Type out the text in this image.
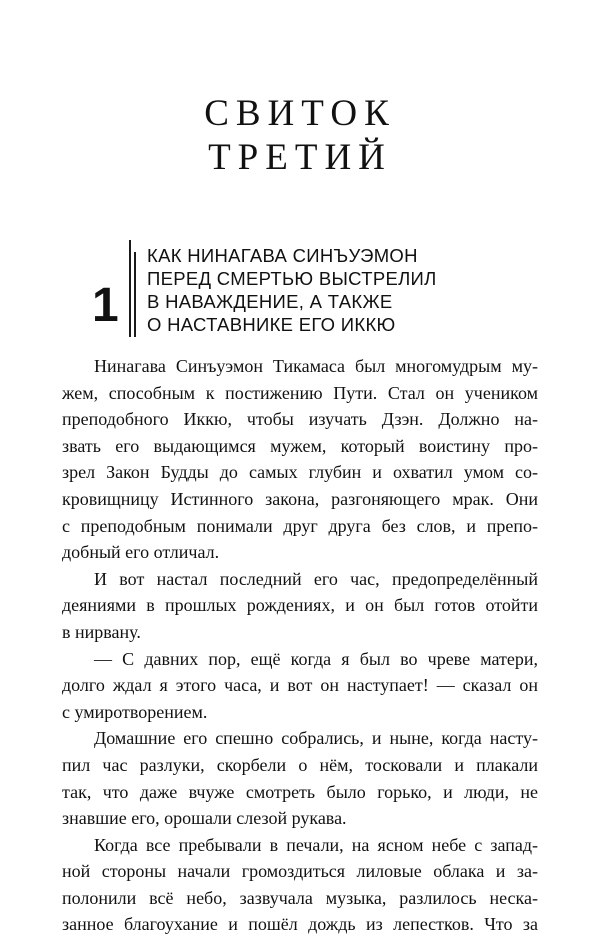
СВИТОК
ТРЕТИЙ
1
КАК НИНАГАВА СИНЪУЭМОН
ПЕРЕД СМЕРТЬЮ ВЫСТРЕЛИЛ
В НАВАЖДЕНИЕ, А ТАКЖЕ
О НАСТАВНИКЕ ЕГО ИККЮ
Нинагава Синъуэмон Тикамаса был многомудрым му-
жем, способным к постижению Пути. Стал он учеником
преподобного Иккю, чтобы изучать Дзэн. Должно на-
звать его выдающимся мужем, который воистину про-
зрел Закон Будды до самых глубин и охватил умом со-
кровищницу Истинного закона, разгоняющего мрак. Они
с преподобным понимали друг друга без слов, и препо-
добный его отличал.
И вот настал последний его час, предопределённый
деяниями в прошлых рождениях, и он был готов отойти
в нирвану.
— С давних пор, ещё когда я был во чреве матери,
долго ждал я этого часа, и вот он наступает! — сказал он
с умиротворением.
Домашние его спешно собрались, и ныне, когда насту-
пил час разлуки, скорбели о нём, тосковали и плакали
так, что даже вчуже смотреть было горько, и люди, не
знавшие его, орошали слезой рукава.
Когда все пребывали в печали, на ясном небе с запад-
ной стороны начали громоздиться лиловые облака и за-
полонили всё небо, зазвучала музыка, разлилось неска-
занное благоухание и пошёл дождь из лепестков. Что за
